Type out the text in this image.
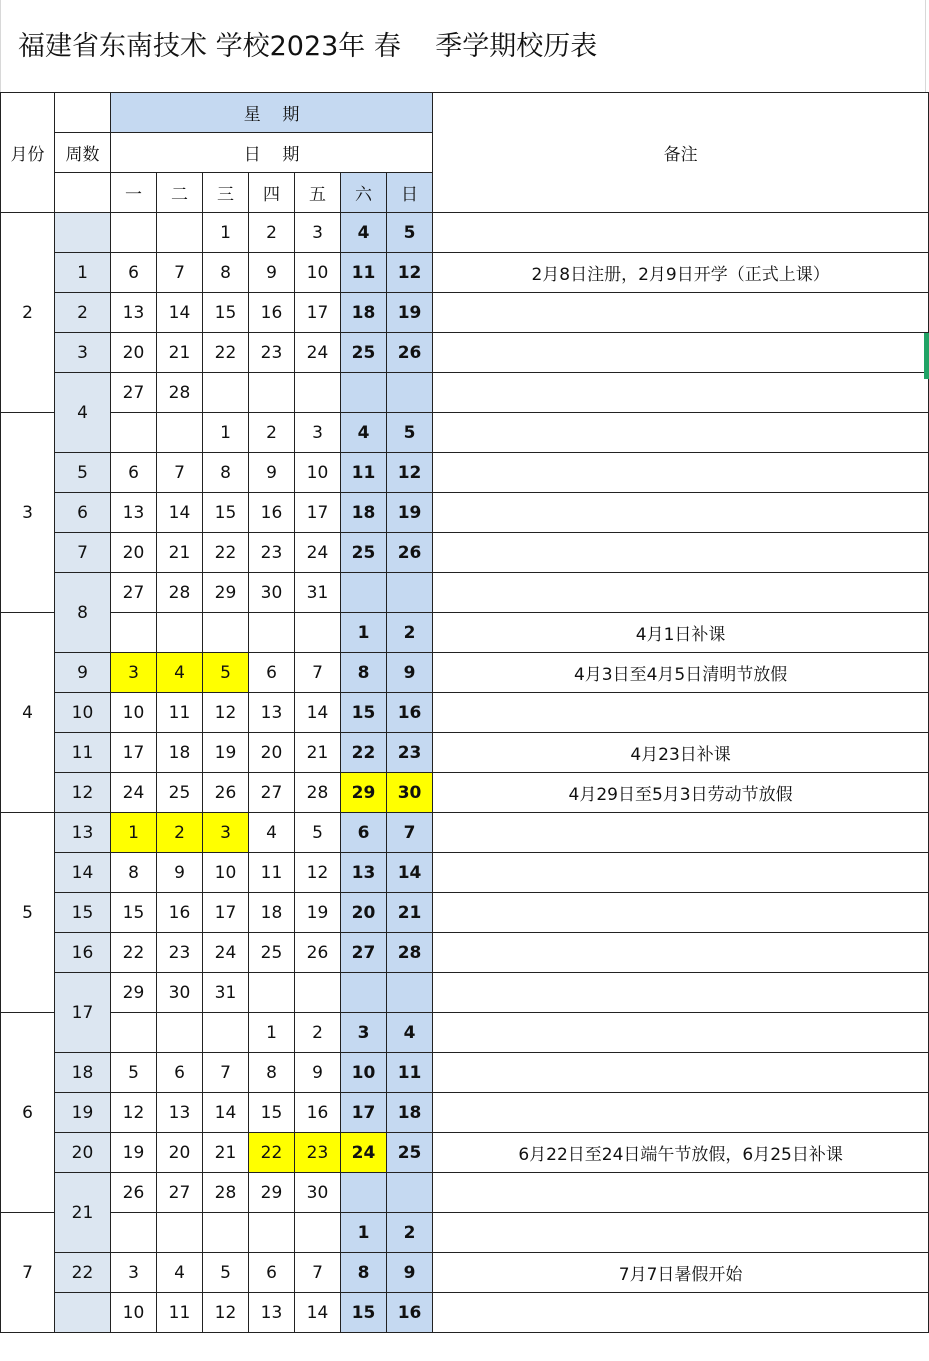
福建省东南技术 学校2023年 春    季学期校历表
月份		星    期							备注
	周数	日    期							
		一	二	三	四	五	六	日	
2				1	2	3	4	5	
	1	6	7	8	9	10	11	12	2月8日注册，2月9日开学（正式上课）
	2	13	14	15	16	17	18	19	
	3	20	21	22	23	24	25	26	
	4	27	28						
3				1	2	3	4	5	
	5	6	7	8	9	10	11	12	
	6	13	14	15	16	17	18	19	
	7	20	21	22	23	24	25	26	
	8	27	28	29	30	31			
4							1	2	4月1日补课
	9	3	4	5	6	7	8	9	4月3日至4月5日清明节放假
	10	10	11	12	13	14	15	16	
	11	17	18	19	20	21	22	23	4月23日补课
	12	24	25	26	27	28	29	30	4月29日至5月3日劳动节放假
5	13	1	2	3	4	5	6	7	
	14	8	9	10	11	12	13	14	
	15	15	16	17	18	19	20	21	
	16	22	23	24	25	26	27	28	
	17	29	30	31					
6					1	2	3	4	
	18	5	6	7	8	9	10	11	
	19	12	13	14	15	16	17	18	
	20	19	20	21	22	23	24	25	6月22日至24日端午节放假，6月25日补课
	21	26	27	28	29	30			
7							1	2	
	22	3	4	5	6	7	8	9	7月7日暑假开始
		10	11	12	13	14	15	16	
